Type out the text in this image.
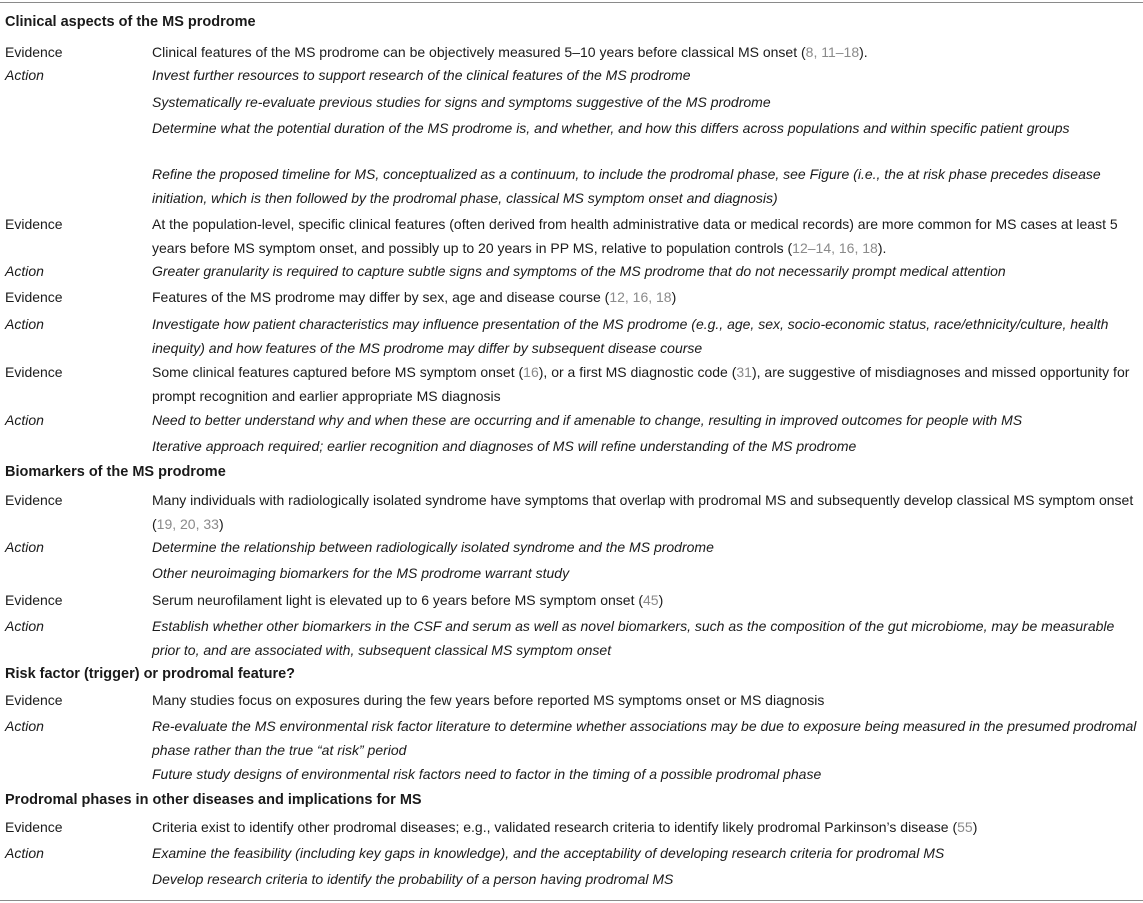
Clinical aspects of the MS prodrome
Evidence	Clinical features of the MS prodrome can be objectively measured 5–10 years before classical MS onset (8, 11–18).
Action	Invest further resources to support research of the clinical features of the MS prodrome
Systematically re-evaluate previous studies for signs and symptoms suggestive of the MS prodrome
Determine what the potential duration of the MS prodrome is, and whether, and how this differs across populations and within specific patient groups
Refine the proposed timeline for MS, conceptualized as a continuum, to include the prodromal phase, see Figure (i.e., the at risk phase precedes disease initiation, which is then followed by the prodromal phase, classical MS symptom onset and diagnosis)
Evidence	At the population-level, specific clinical features (often derived from health administrative data or medical records) are more common for MS cases at least 5 years before MS symptom onset, and possibly up to 20 years in PP MS, relative to population controls (12–14, 16, 18).
Action	Greater granularity is required to capture subtle signs and symptoms of the MS prodrome that do not necessarily prompt medical attention
Evidence	Features of the MS prodrome may differ by sex, age and disease course (12, 16, 18)
Action	Investigate how patient characteristics may influence presentation of the MS prodrome (e.g., age, sex, socio-economic status, race/ethnicity/culture, health inequity) and how features of the MS prodrome may differ by subsequent disease course
Evidence	Some clinical features captured before MS symptom onset (16), or a first MS diagnostic code (31), are suggestive of misdiagnoses and missed opportunity for prompt recognition and earlier appropriate MS diagnosis
Action	Need to better understand why and when these are occurring and if amenable to change, resulting in improved outcomes for people with MS
Iterative approach required; earlier recognition and diagnoses of MS will refine understanding of the MS prodrome
Biomarkers of the MS prodrome
Evidence	Many individuals with radiologically isolated syndrome have symptoms that overlap with prodromal MS and subsequently develop classical MS symptom onset (19, 20, 33)
Action	Determine the relationship between radiologically isolated syndrome and the MS prodrome
Other neuroimaging biomarkers for the MS prodrome warrant study
Evidence	Serum neurofilament light is elevated up to 6 years before MS symptom onset (45)
Action	Establish whether other biomarkers in the CSF and serum as well as novel biomarkers, such as the composition of the gut microbiome, may be measurable prior to, and are associated with, subsequent classical MS symptom onset
Risk factor (trigger) or prodromal feature?
Evidence	Many studies focus on exposures during the few years before reported MS symptoms onset or MS diagnosis
Action	Re-evaluate the MS environmental risk factor literature to determine whether associations may be due to exposure being measured in the presumed prodromal phase rather than the true “at risk” period
Future study designs of environmental risk factors need to factor in the timing of a possible prodromal phase
Prodromal phases in other diseases and implications for MS
Evidence	Criteria exist to identify other prodromal diseases; e.g., validated research criteria to identify likely prodromal Parkinson’s disease (55)
Action	Examine the feasibility (including key gaps in knowledge), and the acceptability of developing research criteria for prodromal MS
Develop research criteria to identify the probability of a person having prodromal MS
